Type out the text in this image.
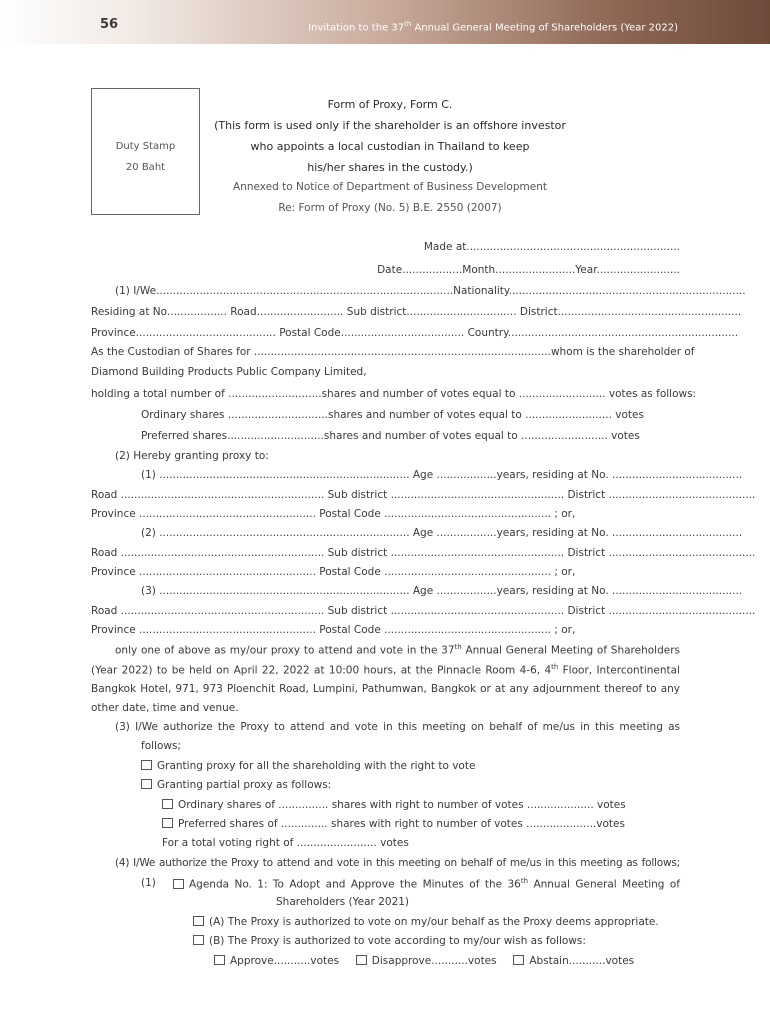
56	Invitation to the 37th Annual General Meeting of Shareholders (Year 2022)
Duty Stamp
20 Baht
Form of Proxy, Form C.
(This form is used only if the shareholder is an offshore investor
who appoints a local custodian in Thailand to keep
his/her shares in the custody.)
Annexed to Notice of Department of Business Development
Re: Form of Proxy (No. 5) B.E. 2550 (2007)
Made at................................................................
Date..................Month........................Year.........................
(1) I/We.........................................................................................Nationality.......................................................................
Residing at No.................. Road.......................... Sub district................................. District.......................................................
Province.......................................... Postal Code..................................... Country.....................................................................
As the Custodian of Shares for .........................................................................................whom is the shareholder of
Diamond Building Products Public Company Limited,
holding a total number of ............................shares and number of votes equal to .......................... votes as follows:
Ordinary shares ..............................shares and number of votes equal to .......................... votes
Preferred shares.............................shares and number of votes equal to .......................... votes
(2) Hereby granting proxy to:
(1) ........................................................................... Age ..................years, residing at No. .......................................
Road ............................................................. Sub district .................................................... District ............................................
Province ..................................................... Postal Code .................................................. ; or,
(2) ........................................................................... Age ..................years, residing at No. .......................................
Road ............................................................. Sub district .................................................... District ............................................
Province ..................................................... Postal Code .................................................. ; or,
(3) ........................................................................... Age ..................years, residing at No. .......................................
Road ............................................................. Sub district .................................................... District ............................................
Province ..................................................... Postal Code .................................................. ; or,
only one of above as my/our proxy to attend and vote in the 37th Annual General Meeting of Shareholders
(Year 2022) to be held on April 22, 2022 at 10:00 hours, at the Pinnacle Room 4-6, 4th Floor, Intercontinental
Bangkok Hotel, 971, 973 Ploenchit Road, Lumpini, Pathumwan, Bangkok or at any adjournment thereof to any
other date, time and venue.
(3) I/We authorize the Proxy to attend and vote in this meeting on behalf of me/us in this meeting as
follows;
Granting proxy for all the shareholding with the right to vote
Granting partial proxy as follows:
Ordinary shares of ............... shares with right to number of votes .................... votes
Preferred shares of .............. shares with right to number of votes .....................votes
For a total voting right of ........................ votes
(4) I/We authorize the Proxy to attend and vote in this meeting on behalf of me/us in this meeting as follows;
(1)	Agenda No. 1: To Adopt and Approve the Minutes of the 36th Annual General Meeting of
Shareholders (Year 2021)
(A) The Proxy is authorized to vote on my/our behalf as the Proxy deems appropriate.
(B) The Proxy is authorized to vote according to my/our wish as follows:
Approve...........votes	Disapprove...........votes	Abstain...........votes
